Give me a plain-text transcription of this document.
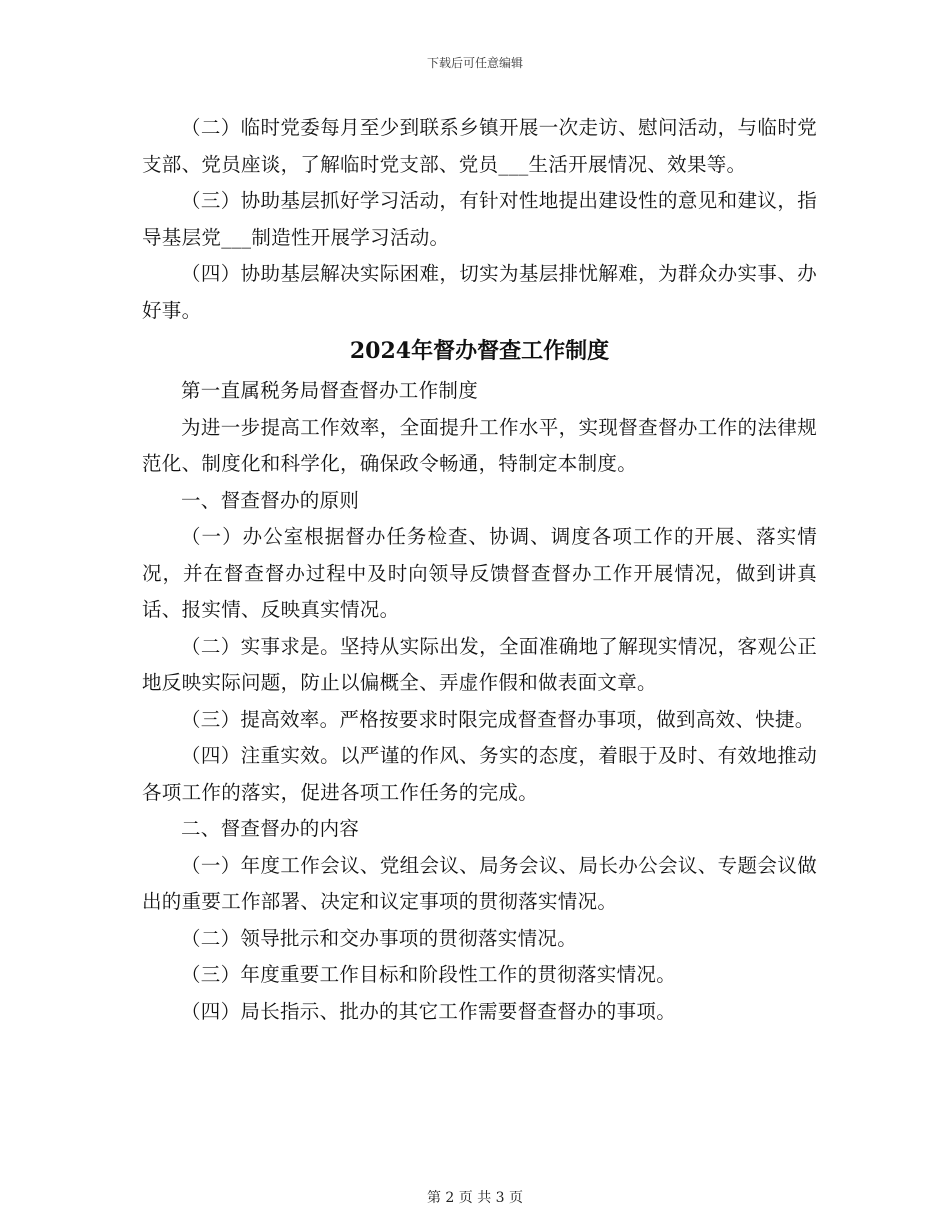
下载后可任意编辑

（二）临时党委每月至少到联系乡镇开展一次走访、慰问活动，与临时党支部、党员座谈，了解临时党支部、党员___生活开展情况、效果等。

（三）协助基层抓好学习活动，有针对性地提出建设性的意见和建议，指导基层党___制造性开展学习活动。

（四）协助基层解决实际困难，切实为基层排忧解难，为群众办实事、办好事。

2024年督办督查工作制度

第一直属税务局督查督办工作制度

为进一步提高工作效率，全面提升工作水平，实现督查督办工作的法律规范化、制度化和科学化，确保政令畅通，特制定本制度。

一、督查督办的原则

（一）办公室根据督办任务检查、协调、调度各项工作的开展、落实情况，并在督查督办过程中及时向领导反馈督查督办工作开展情况，做到讲真话、报实情、反映真实情况。

（二）实事求是。坚持从实际出发，全面准确地了解现实情况，客观公正地反映实际问题，防止以偏概全、弄虚作假和做表面文章。

（三）提高效率。严格按要求时限完成督查督办事项，做到高效、快捷。

（四）注重实效。以严谨的作风、务实的态度，着眼于及时、有效地推动各项工作的落实，促进各项工作任务的完成。

二、督查督办的内容

（一）年度工作会议、党组会议、局务会议、局长办公会议、专题会议做出的重要工作部署、决定和议定事项的贯彻落实情况。

（二）领导批示和交办事项的贯彻落实情况。

（三）年度重要工作目标和阶段性工作的贯彻落实情况。

（四）局长指示、批办的其它工作需要督查督办的事项。

第 2 页 共 3 页
